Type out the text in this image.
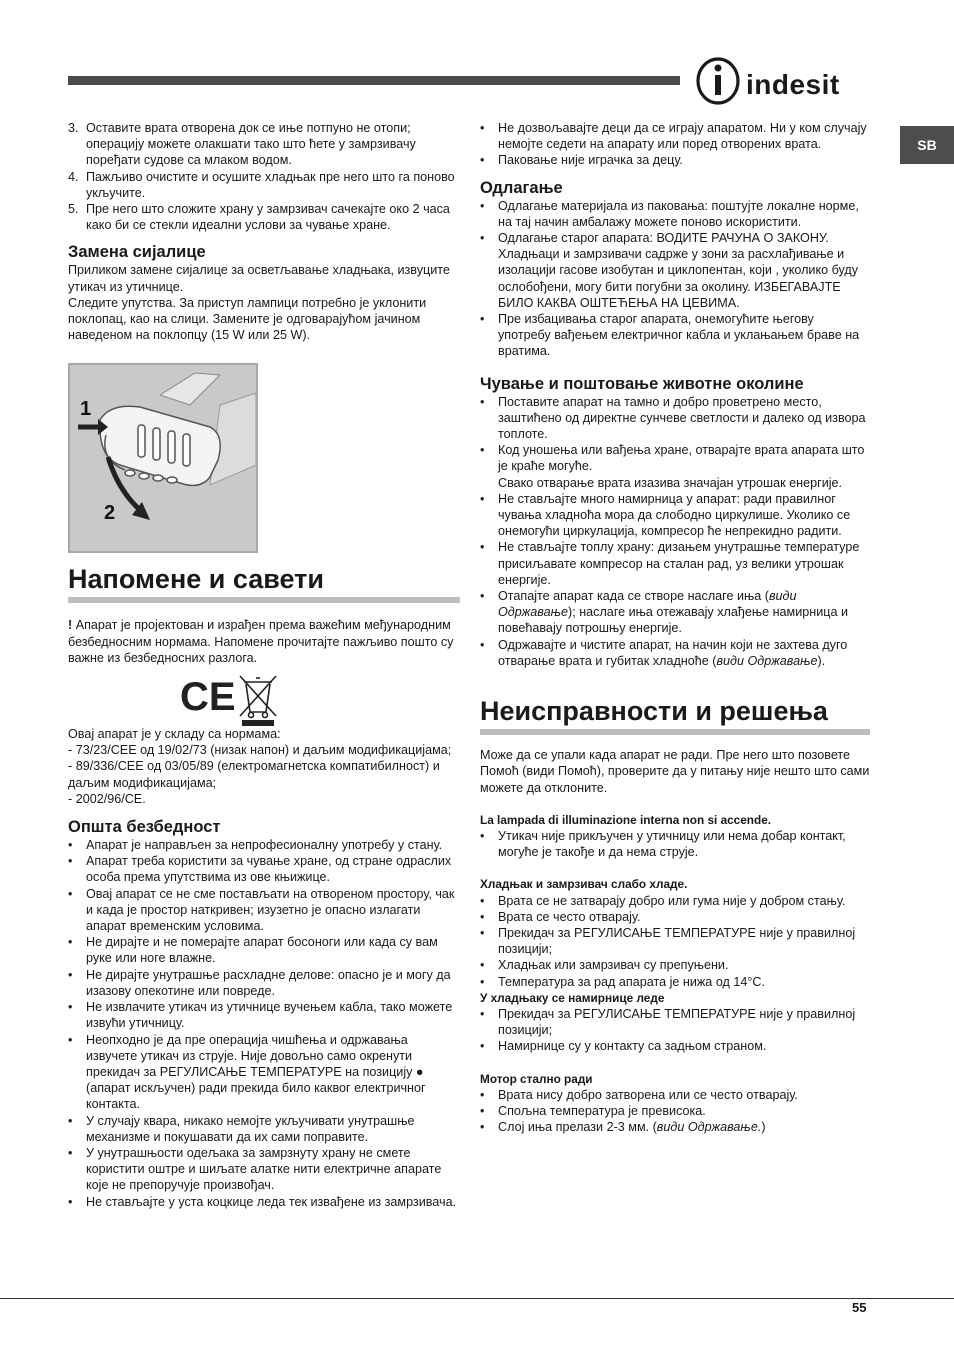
indesit
SB
3. Оставите врата отворена док се иње потпуно не отопи; операцију можете олакшати тако што ћете у замрзивачу поређати судове са млаком водом.
4. Пажљиво очистите и осушите хладњак пре него што га поново укључите.
5. Пре него што сложите храну у замрзивач сачекајте око 2 часа како би се стекли идеални услови за чување хране.
Замена сијалице

Приликом замене сијалице за осветљавање хладњака, извуците утикач из утичнице.

Следите упутства. За приступ лампици потребно је уклонити поклопац, као на слици. Замените је одговарајућом јачином наведеном на поклопцу (15 W или 25 W).

1
2
Напомене и савети

! Апарат је пројектован и израђен према важећим међународним безбедносним нормама. Напомене прочитајте пажљиво пошто су важне из безбедносних разлога.

CE

Овај апарат је у складу са нормама:

- 73/23/CEE од 19/02/73 (низак напон) и даљим модификацијама;

- 89/336/CEE од 03/05/89 (електромагнетска компатибилност) и даљим модификацијама;

- 2002/96/CE.

Општа безбедност
• Апарат је направљен за непрофесионалну употребу у стану.
• Апарат треба користити за чување хране, од стране одраслих особа према упутствима из ове књижице.
• Овај апарат се не сме постављати на отвореном простору, чак и када је простор наткривен; изузетно је опасно излагати апарат временским условима.
• Не дирајте и не померајте апарат босоноги или када су вам руке или ноге влажне.
• Не дирајте унутрашње расхладне делове: опасно је и могу да изазову опекотине или повреде.
• Не извлачите утикач из утичнице вучењем кабла, тако можете извући утичницу.
• Неопходно је да пре операција чишћења и одржавања извучете утикач из струје. Није довољно само окренути прекидач за РЕГУЛИСАЊЕ ТЕМПЕРАТУРЕ на позицију ● (апарат искључен) ради прекида било каквог електричног контакта.
• У случају квара, никако немојте укључивати унутрашње механизме и покушавати да их сами поправите.
• У унутрашњости одељака за замрзнуту храну не смете користити оштре и шиљате алатке нити електричне апарате које не препоручује произвођач.
• Не стављајте у уста коцкице леда тек извађене из замрзивача.
• Не дозвољавајте деци да се играју апаратом. Ни у ком случају немојте седети на апарату или поред отворених врата.
• Паковање није играчка за децу.
Одлагање
• Одлагање материјала из паковања: поштујте локалне норме, на тај начин амбалажу можете поново искористити.
• Одлагање старог апарата: ВОДИТЕ РАЧУНА О ЗАКОНУ. Хладњаци и замрзивачи садрже у зони за расхлађивање и изолацији гасове изобутан и циклопентан, који , уколико буду ослобођени, могу бити погубни за околину. ИЗБЕГАВАЈТЕ БИЛО КАКВА ОШТЕЋЕЊА НА ЦЕВИМА.
• Пре избацивања старог апарата, онемогућите његову употребу вађењем електричног кабла и уклањањем браве на вратима.
Чување и поштовање животне околине
• Поставите апарат на тамно и добро проветрено место, заштићено од директне сунчеве светлости и далеко од извора топлоте.
• Код уношења или вађења хране, отварајте врата апарата што је краће могуће.
Свако отварање врата изазива значајан утрошак енергије.
• Не стављајте много намирница у апарат: ради правилног чувања хладноћа мора да слободно циркулише. Уколико се онемогући циркулација, компресор ће непрекидно радити.
• Не стављајте топлу храну: дизањем унутрашње температуре присиљавате компресор на сталан рад, уз велики утрошак енергије.
• Отапајте апарат када се створе наслаге иња (види Одржавање); наслаге иња отежавају хлађење намирница и повећавају потрошњу енергије.
• Одржавајте и чистите апарат, на начин који не захтева дуго отварање врата и губитак хладноће (види Одржавање).
Неисправности и решења

Може да се упали када апарат не ради. Пре него што позовете Помоћ (види Помоћ), проверите да у питању није нешто што сами можете да отклоните.

La lampada di illuminazione interna non si accende.

• Утикач није прикључен у утичницу или нема добар контакт, могуће је такође и да нема струје.

Хладњак и замрзивач слабо хладе.

• Врата се не затварају добро или гума није у добром стању.
• Врата се често отварају.
• Прекидач за РЕГУЛИСАЊЕ ТЕМПЕРАТУРЕ није у правилној позицији;
• Хладњак или замрзивач су препуњени.
• Температура за рад апарата је нижа од 14°C.

У хладњаку се намирнице леде

• Прекидач за РЕГУЛИСАЊЕ ТЕМПЕРАТУРЕ није у правилној позицији;
• Намирнице су у контакту са задњом страном.

Мотор стално ради

• Врата нису добро затворена или се често отварају.
• Спољна температура је превисока.
• Слој иња прелази 2-3 мм. (види Одржавање.)
55
